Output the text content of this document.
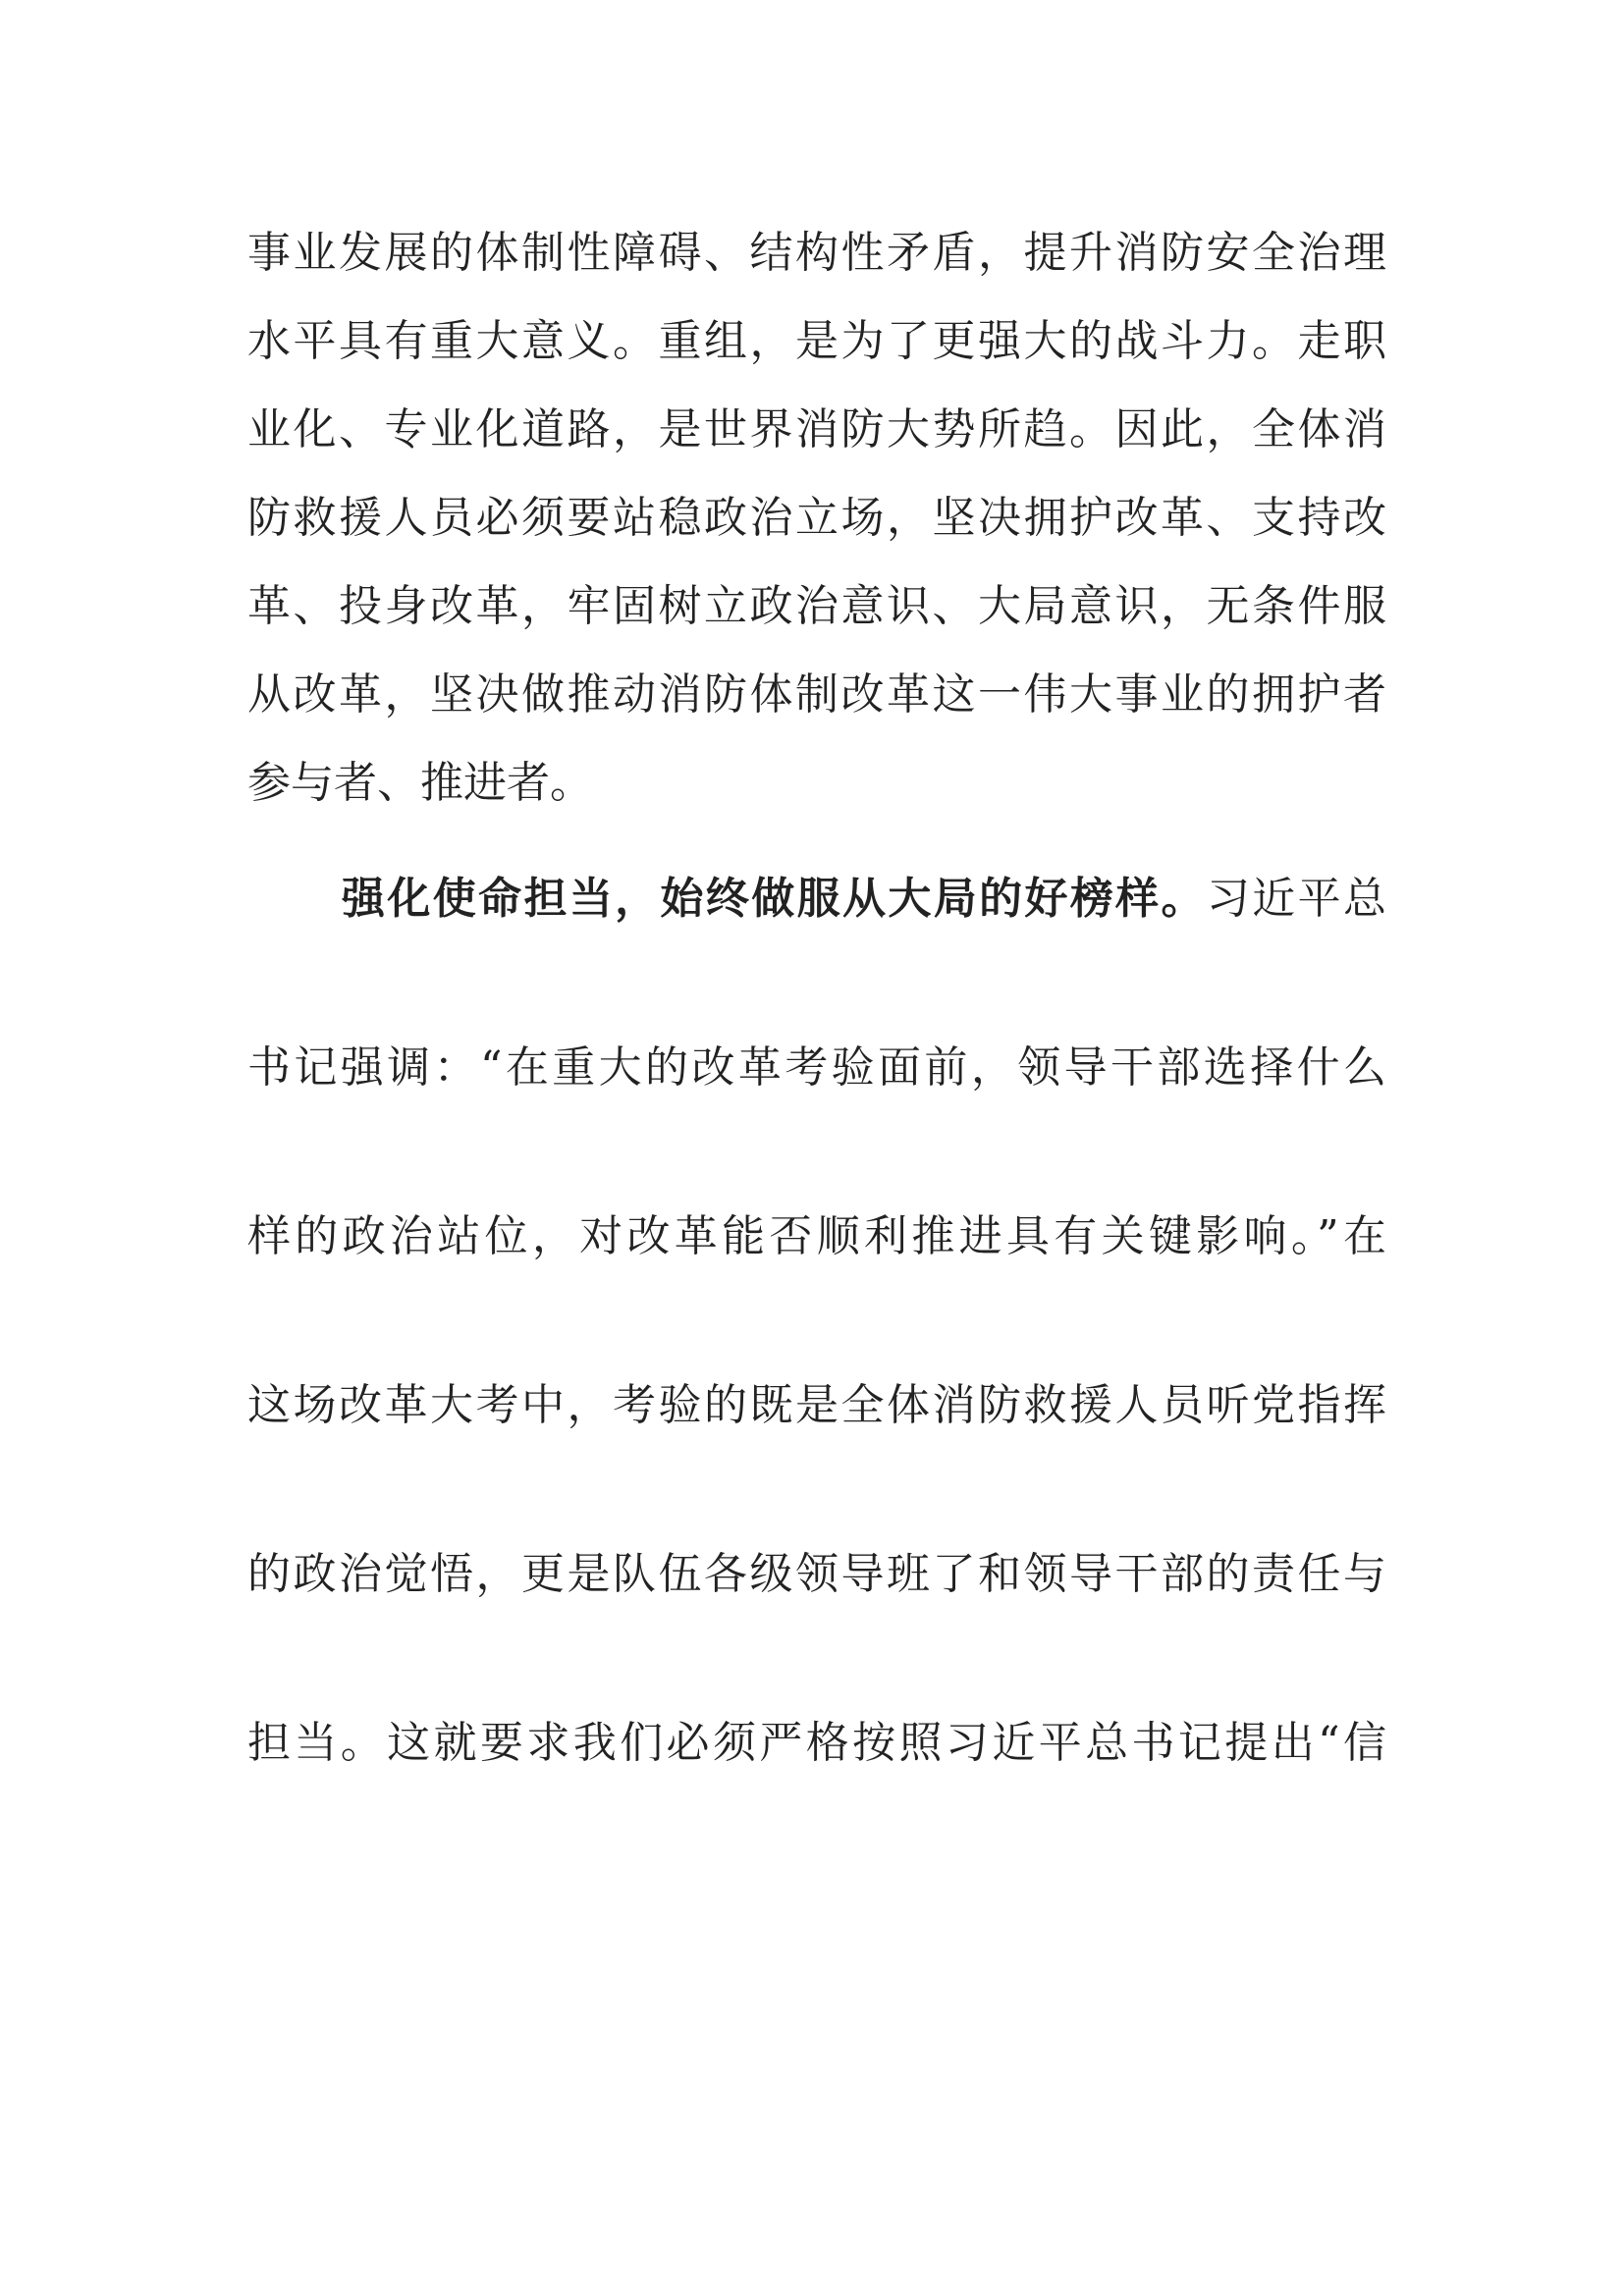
事业发展的体制性障碍、结构性矛盾，提升消防安全治理
水平具有重大意义。重组，是为了更强大的战斗力。走职
业化、专业化道路，是世界消防大势所趋。因此，全体消
防救援人员必须要站稳政治立场，坚决拥护改革、支持改
革、投身改革，牢固树立政治意识、大局意识，无条件服
从改革，坚决做推动消防体制改革这一伟大事业的拥护者
参与者、推进者。
强化使命担当，始终做服从大局的好榜样。习近平总
书记强调：“在重大的改革考验面前，领导干部选择什么
样的政治站位，对改革能否顺利推进具有关键影响。”在
这场改革大考中，考验的既是全体消防救援人员听党指挥
的政治觉悟，更是队伍各级领导班了和领导干部的责任与
担当。这就要求我们必须严格按照习近平总书记提出“信
